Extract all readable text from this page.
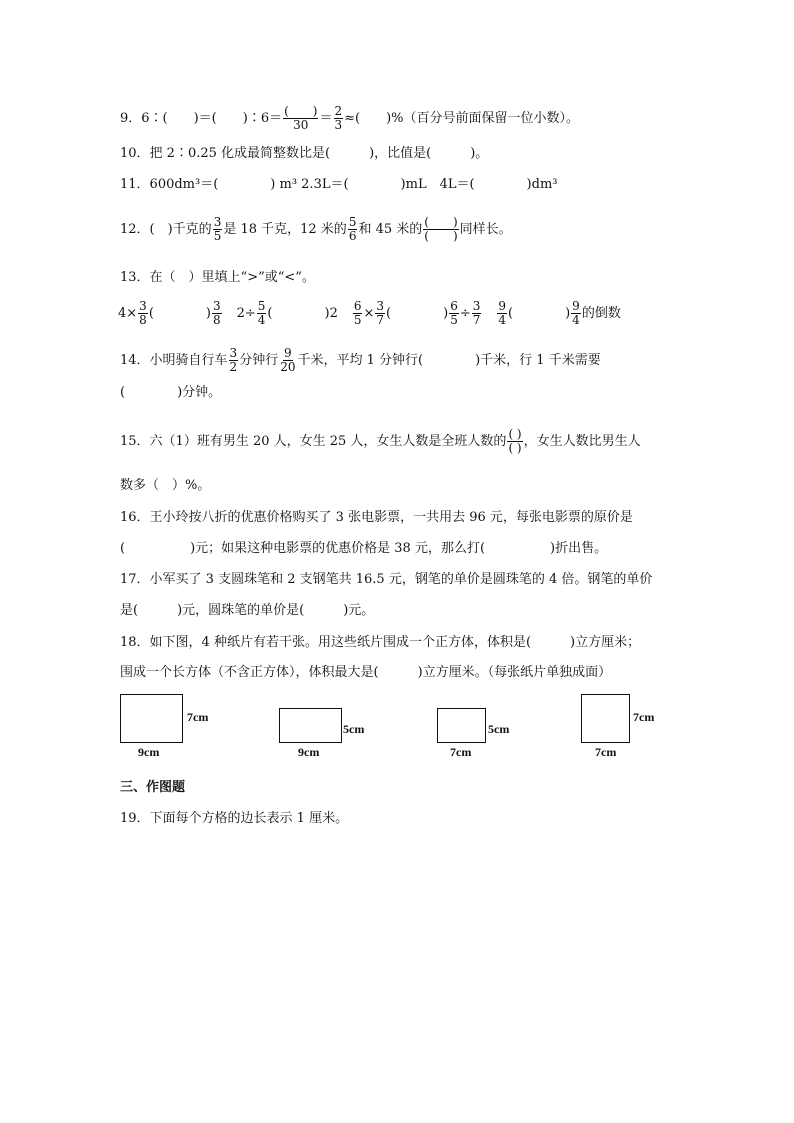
9．6∶(　　)＝(　　)∶6＝ $\frac{( )}{30} = \frac{2}{3}$ ≈(　　)%（百分号前面保留一位小数）。
10．把 2∶0.25 化成最简整数比是(　　　)，比值是(　　　)。
11．600dm³＝(　　　　) m³ 2.3L＝(　　　　)mL　4L＝(　　　　)dm³
12．(　)千克的 $\frac{3}{5}$ 是 18 千克，12 米的 $\frac{5}{6}$ 和 45 米的 $\frac{( )}{( )}$ 同样长。
13．在（　）里填上“>”或“<”。
$4\times \frac{3}{8}$ (　　　　) $\frac{3}{8} 2\div \frac{5}{4}$ (　　　　)$2 \frac{6}{5} \times \frac{3}{7}$ (　　　　) $\frac{6}{5} \div \frac{3}{7} \frac{9}{4}$ (　　　　) $\frac{9}{4}$ 的倒数
14．小明骑自行车 $\frac{3}{2}$ 分钟行 $\frac{9}{20}$ 千米，平均 1 分钟行(　　　　)千米，行 1 千米需要
(　　　　)分钟。
15．六（1）班有男生 20 人，女生 25 人，女生人数是全班人数的 $\frac{( )}{( )}$ ，女生人数比男生人
数多（　）%。
16．王小玲按八折的优惠价格购买了 3 张电影票，一共用去 96 元，每张电影票的原价是
(　　　　　)元；如果这种电影票的优惠价格是 38 元，那么打(　　　　　)折出售。
17．小军买了 3 支圆珠笔和 2 支钢笔共 16.5 元，钢笔的单价是圆珠笔的 4 倍。钢笔的单价
是(　　　)元，圆珠笔的单价是(　　　)元。
18．如下图，4 种纸片有若干张。用这些纸片围成一个正方体，体积是(　　　)立方厘米；
围成一个长方体（不含正方体），体积最大是(　　　)立方厘米。（每张纸片单独成面）
7cm
9cm
5cm
9cm
5cm
7cm
7cm
7cm
三、作图题
19．下面每个方格的边长表示 1 厘米。
